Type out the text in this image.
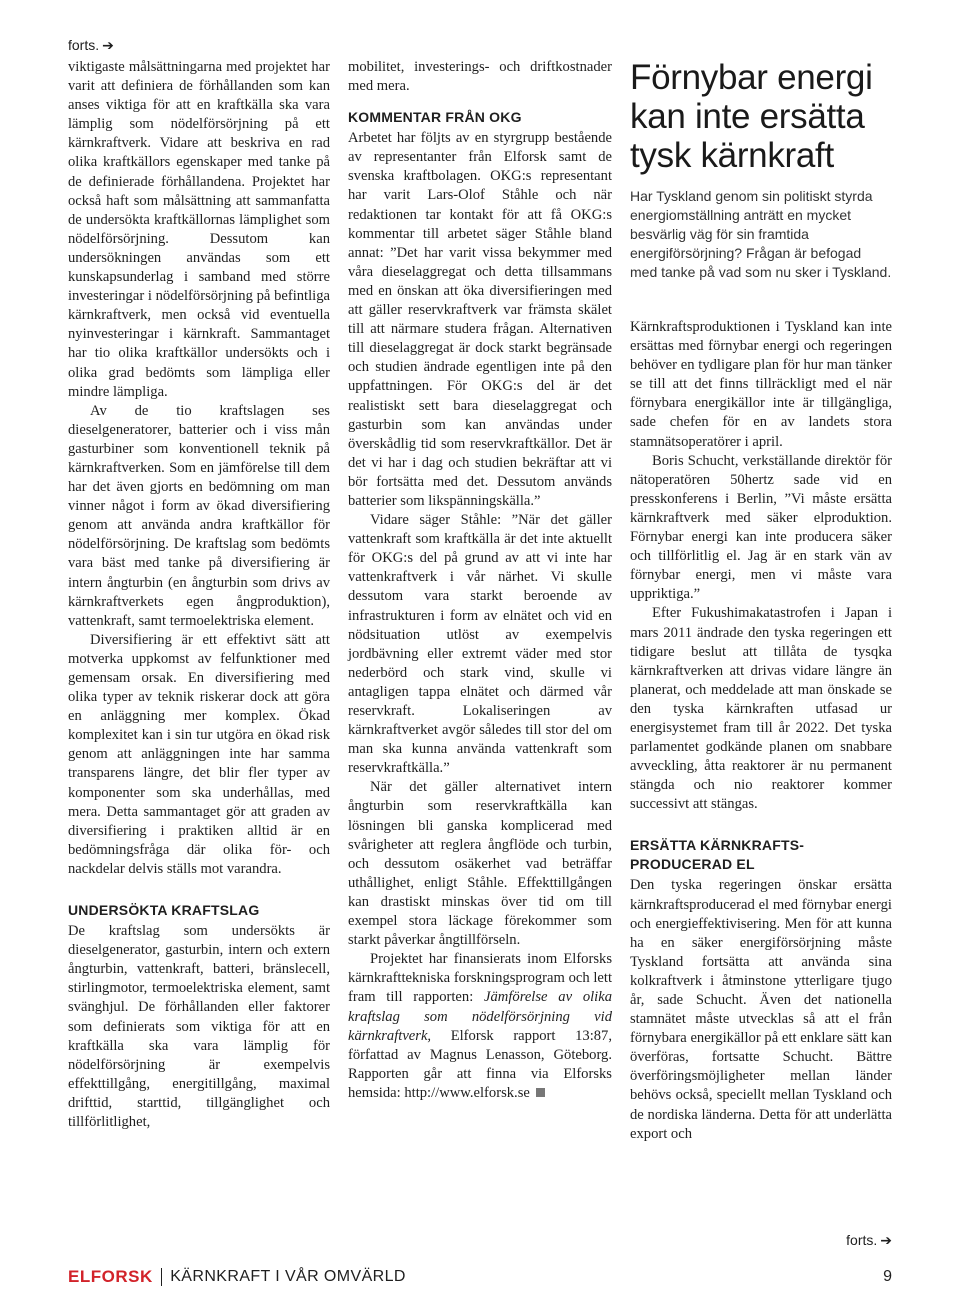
forts. ➔

viktigaste målsättningarna med projektet har varit att definiera de förhållanden som kan anses viktiga för att en kraftkälla ska vara lämplig som nödelförsörjning på ett kärnkraftverk. Vidare att beskriva en rad olika kraftkällors egenskaper med tanke på de definierade förhållandena. Projektet har också haft som målsättning att sammanfatta de undersökta kraftkällornas lämplighet som nödelförsörjning. Dessutom kan undersökningen användas som ett kunskapsunderlag i samband med större investeringar i nödelförsörjning på befintliga kärnkraftverk, men också vid eventuella nyinvesteringar i kärnkraft. Sammantaget har tio olika kraftkällor undersökts och i olika grad bedömts som lämpliga eller mindre lämpliga.

Av de tio kraftslagen ses dieselgeneratorer, batterier och i viss mån gasturbiner som konventionell teknik på kärnkraftverken. Som en jämförelse till dem har det även gjorts en bedömning om man vinner något i form av ökad diversifiering genom att använda andra kraftkällor för nödelförsörjning. De kraftslag som bedömts vara bäst med tanke på diversifiering är intern ångturbin (en ångturbin som drivs av kärnkraftverkets egen ångproduktion), vattenkraft, samt termoelektriska element.

Diversifiering är ett effektivt sätt att motverka uppkomst av felfunktioner med gemensam orsak. En diversifiering med olika typer av teknik riskerar dock att göra en anläggning mer komplex. Ökad komplexitet kan i sin tur utgöra en ökad risk genom att anläggningen inte har samma transparens längre, det blir fler typer av komponenter som ska underhållas, med mera. Detta sammantaget gör att graden av diversifiering i praktiken alltid är en bedömningsfråga där olika för- och nackdelar delvis ställs mot varandra.

UNDERSÖKTA KRAFTSLAG

De kraftslag som undersökts är dieselgenerator, gasturbin, intern och extern ångturbin, vattenkraft, batteri, bränslecell, stirlingmotor, termoelektriska element, samt svänghjul. De förhållanden eller faktorer som definierats som viktiga för att en kraftkälla ska vara lämplig för nödelförsörjning är exempelvis effekttillgång, energitillgång, maximal drifttid, starttid, tillgänglighet och tillförlitlighet,

mobilitet, investerings- och driftkostnader med mera.

KOMMENTAR FRÅN OKG

Arbetet har följts av en styrgrupp bestående av representanter från Elforsk samt de svenska kraftbolagen. OKG:s representant har varit Lars-Olof Ståhle och när redaktionen tar kontakt för att få OKG:s kommentar till arbetet säger Ståhle bland annat: ”Det har varit vissa bekymmer med våra dieselaggregat och detta tillsammans med en önskan att öka diversifieringen med att gäller reservkraftverk var främsta skälet till att närmare studera frågan. Alternativen till dieselaggregat är dock starkt begränsade och studien ändrade egentligen inte på den uppfattningen. För OKG:s del är det realistiskt sett bara dieselaggregat och gasturbin som kan användas under överskådlig tid som reservkraftkällor. Det är det vi har i dag och studien bekräftar att vi bör fortsätta med det. Dessutom används batterier som likspänningskälla.”

Vidare säger Ståhle: ”När det gäller vattenkraft som kraftkälla är det inte aktuellt för OKG:s del på grund av att vi inte har vattenkraftverk i vår närhet. Vi skulle dessutom vara starkt beroende av infrastrukturen i form av elnätet och vid en nödsituation utlöst av exempelvis jordbävning eller extremt väder med stor nederbörd och stark vind, skulle vi antagligen tappa elnätet och därmed vår reservkraft. Lokaliseringen av kärnkraftverket avgör således till stor del om man ska kunna använda vattenkraft som reservkraftkälla.”

När det gäller alternativet intern ångturbin som reservkraftkälla kan lösningen bli ganska komplicerad med svårigheter att reglera ångflöde och turbin, och dessutom osäkerhet vad beträffar uthållighet, enligt Ståhle. Effekttillgången kan drastiskt minskas över tid om till exempel stora läckage förekommer som starkt påverkar ångtillförseln.

Projektet har finansierats inom Elforsks kärnkrafttekniska forskningsprogram och lett fram till rapporten: Jämförelse av olika kraftslag som nödelförsörjning vid kärnkraftverk, Elforsk rapport 13:87, författad av Magnus Lenasson, Göteborg. Rapporten går att finna via Elforsks hemsida: http://www.elforsk.se

Förnybar energi kan inte ersätta tysk kärnkraft

Har Tyskland genom sin politiskt styrda energiomställning anträtt en mycket besvärlig väg för sin framtida energiförsörjning? Frågan är befogad med tanke på vad som nu sker i Tyskland.

Kärnkraftsproduktionen i Tyskland kan inte ersättas med förnybar energi och regeringen behöver en tydligare plan för hur man tänker se till att det finns tillräckligt med el när förnybara energikällor inte är tillgängliga, sade chefen för en av landets stora stamnätsoperatörer i april.

Boris Schucht, verkställande direktör för nätoperatören 50hertz sade vid en presskonferens i Berlin, ”Vi måste ersätta kärnkraftverk med säker elproduktion. Förnybar energi kan inte producera säker och tillförlitlig el. Jag är en stark vän av förnybar energi, men vi måste vara uppriktiga.”

Efter Fukushimakatastrofen i Japan i mars 2011 ändrade den tyska regeringen ett tidigare beslut att tillåta de tysqka kärnkraftverken att drivas vidare längre än planerat, och meddelade att man önskade se den tyska kärnkraften utfasad ur energisystemet fram till år 2022. Det tyska parlamentet godkände planen om snabbare avveckling, åtta reaktorer är nu permanent stängda och nio reaktorer kommer successivt att stängas.

ERSÄTTA KÄRNKRAFTS-PRODUCERAD EL

Den tyska regeringen önskar ersätta kärnkraftsproducerad el med förnybar energi och energieffektivisering. Men för att kunna ha en säker energiförsörjning måste Tyskland fortsätta att använda sina kolkraftverk i åtminstone ytterligare tjugo år, sade Schucht. Även det nationella stamnätet måste utvecklas så att el från förnybara energikällor på ett enklare sätt kan överföras, fortsatte Schucht. Bättre överföringsmöjligheter mellan länder behövs också, speciellt mellan Tyskland och de nordiska länderna. Detta för att underlätta export och

forts. ➔
ELFORSK KÄRNKRAFT I VÅR OMVÄRLD	9
